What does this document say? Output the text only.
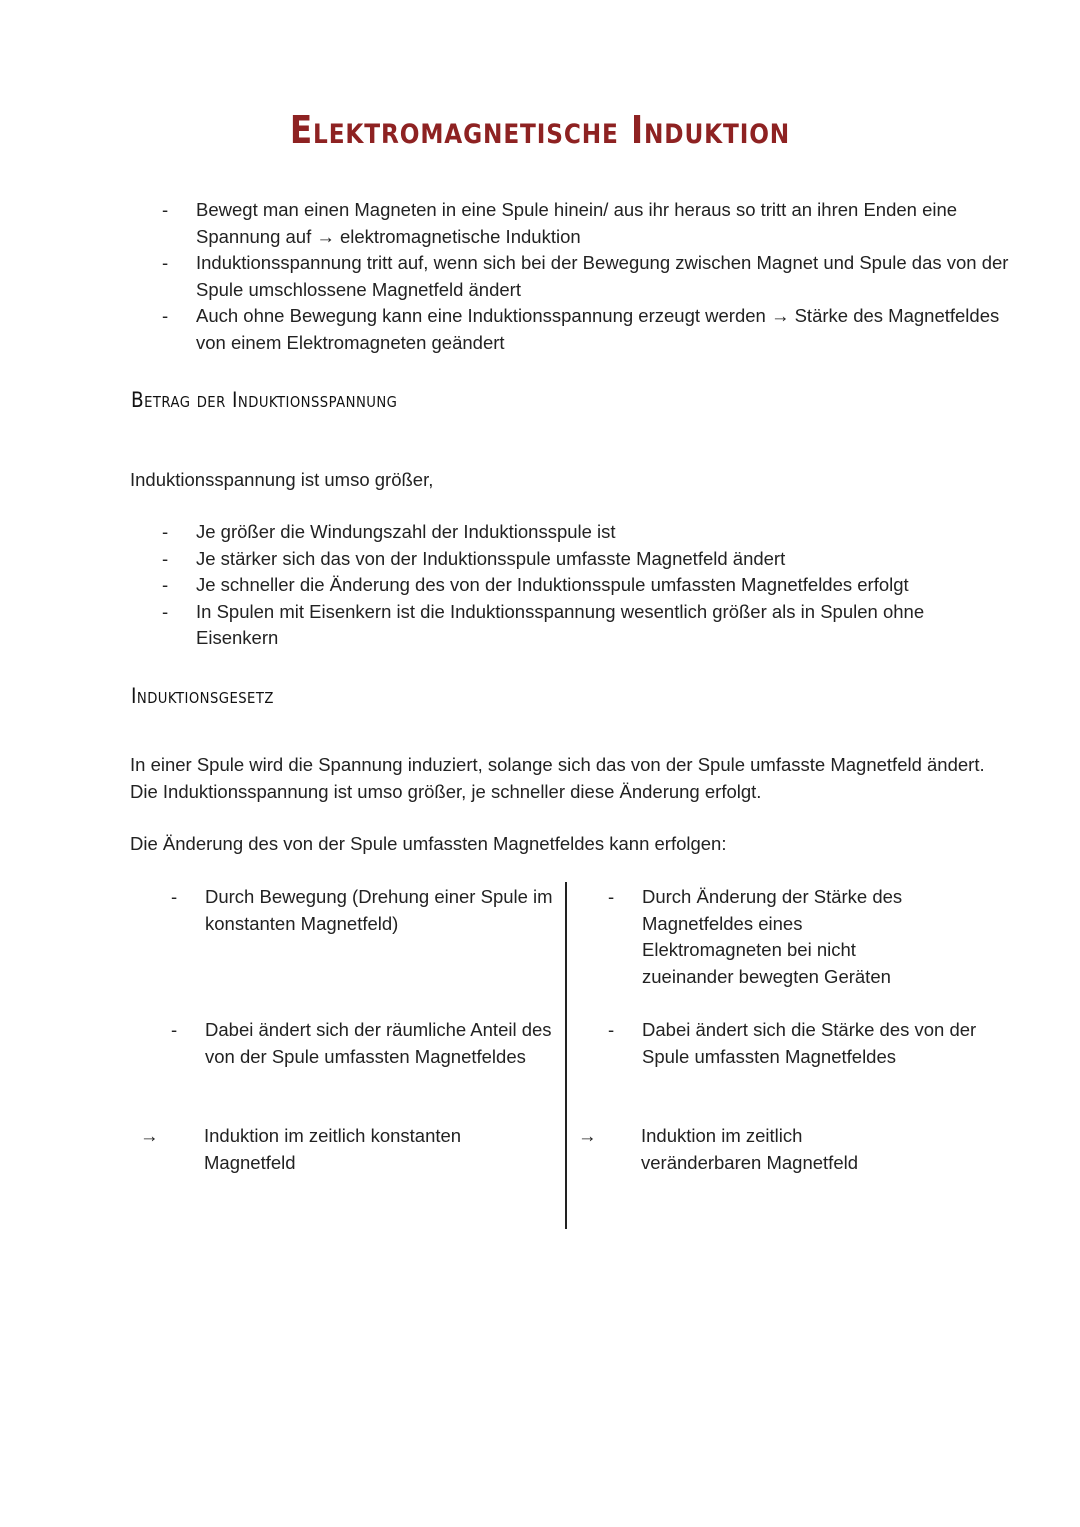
Elektromagnetische Induktion
- Bewegt man einen Magneten in eine Spule hinein/ aus ihr heraus so tritt an ihren Enden eine Spannung auf → elektromagnetische Induktion
- Induktionsspannung tritt auf, wenn sich bei der Bewegung zwischen Magnet und Spule das von der Spule umschlossene Magnetfeld ändert
- Auch ohne Bewegung kann eine Induktionsspannung erzeugt werden → Stärke des Magnetfeldes von einem Elektromagneten geändert
Betrag der Induktionsspannung

Induktionsspannung ist umso größer,

- Je größer die Windungszahl der Induktionsspule ist
- Je stärker sich das von der Induktionsspule umfasste Magnetfeld ändert
- Je schneller die Änderung des von der Induktionsspule umfassten Magnetfeldes erfolgt
- In Spulen mit Eisenkern ist die Induktionsspannung wesentlich größer als in Spulen ohne Eisenkern
Induktionsgesetz

In einer Spule wird die Spannung induziert, solange sich das von der Spule umfasste Magnetfeld ändert. Die Induktionsspannung ist umso größer, je schneller diese Änderung erfolgt.

Die Änderung des von der Spule umfassten Magnetfeldes kann erfolgen:

- Durch Bewegung (Drehung einer Spule im konstanten Magnetfeld)

- Dabei ändert sich der räumliche Anteil des von der Spule umfassten Magnetfeldes

→ Induktion im zeitlich konstanten Magnetfeld

- Durch Änderung der Stärke des Magnetfeldes eines Elektromagneten bei nicht zueinander bewegten Geräten

- Dabei ändert sich die Stärke des von der Spule umfassten Magnetfeldes

→ Induktion im zeitlich veränderbaren Magnetfeld
